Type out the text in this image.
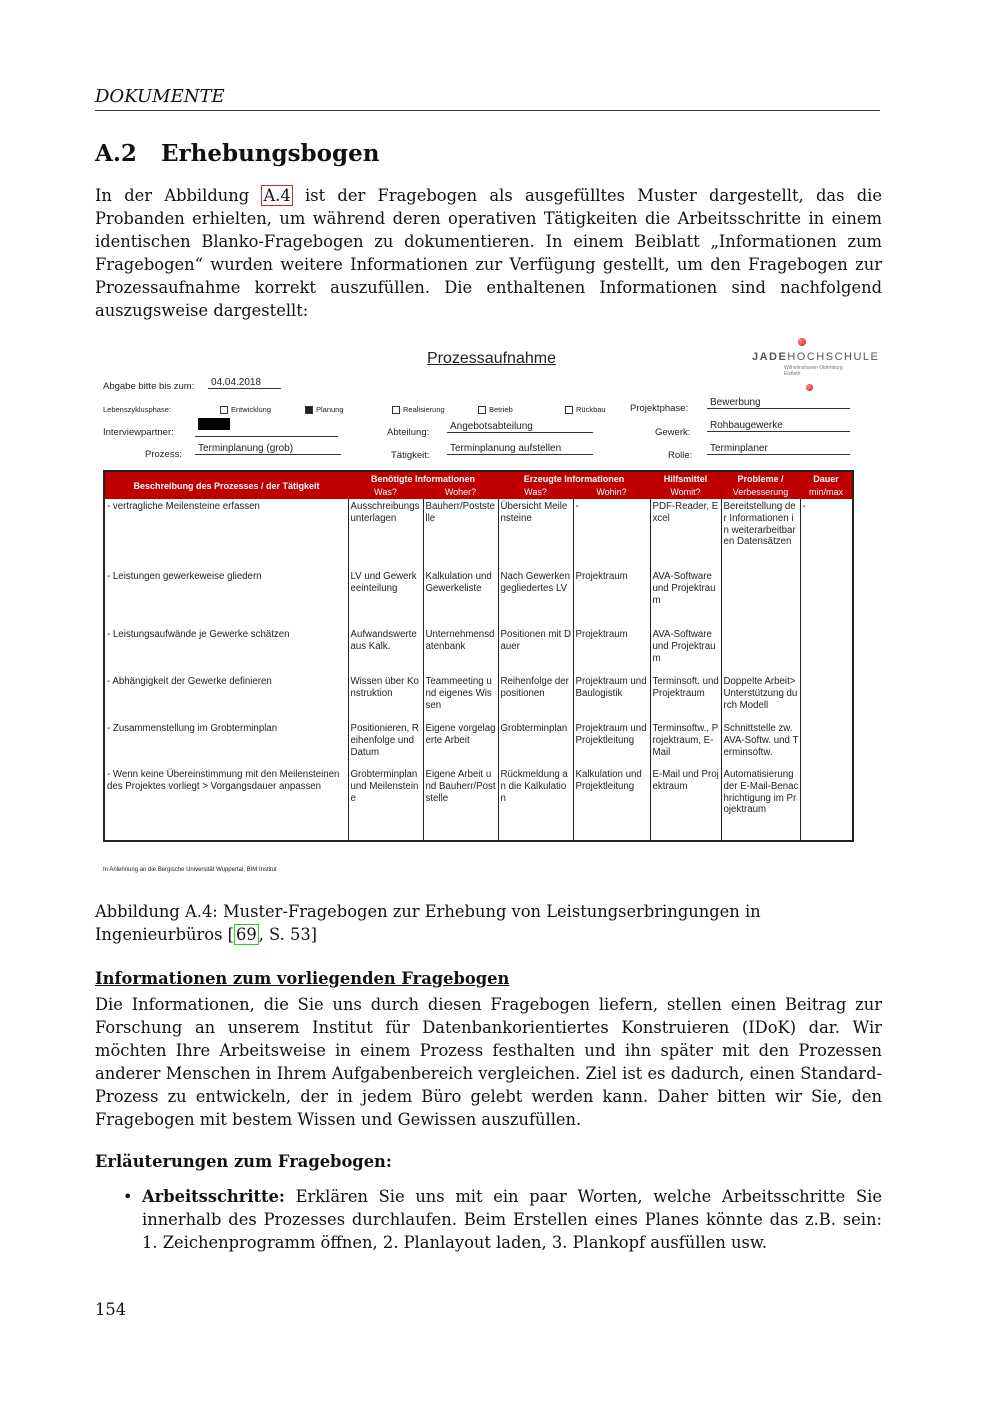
DOKUMENTE
A.2 Erhebungsbogen
In der Abbildung A.4 ist der Fragebogen als ausgefülltes Muster dargestellt, das die Probanden erhielten, um während deren operativen Tätigkeiten die Arbeitsschritte in einem identischen Blanko-Fragebogen zu dokumentieren. In einem Beiblatt „Informationen zum Fragebogen“ wurden weitere Informationen zur Verfügung gestellt, um den Fragebogen zur Prozessaufnahme korrekt auszufüllen. Die enthaltenen Informationen sind nachfolgend auszugsweise dargestellt:
Prozessaufnahme	JADEHOCHSCHULE
Wilhelmshaven Oldenburg Elsfleth
Abgabe bitte bis zum:	04.04.2018
Lebenszyklusphase:	Entwicklung	Planung	Realisierung	Betrieb	Rückbau	Projektphase:
Bewerbung
Interviewpartner:	Abteilung:
Angebotsabteilung
Gewerk:
Rohbaugewerke
Prozess:
Terminplanung (grob)
Tätigkeit:
Terminplanung aufstellen
Rolle:
Terminplaner
Beschreibung des Prozesses / der Tätigkeit	Benötigte Informationen		Erzeugte Informationen		Hilfsmittel	Probleme /	Dauer
	Was?	Woher?	Was?	Wohin?	Womit?	Verbesserung	min/max
- vertragliche Meilensteine erfassen	Ausschreibungsunterlagen	Bauherr/Poststelle	Übersicht Meilensteine	-	PDF-Reader, Excel	Bereitstellung der Informationen in weiterarbeitbaren Datensätzen	-
- Leistungen gewerkeweise gliedern	LV und Gewerkeeinteilung	Kalkulation und Gewerkeliste	Nach Gewerken gegliedertes LV	Projektraum	AVA-Software und Projektraum		
- Leistungsaufwände je Gewerke schätzen	Aufwandswerte aus Kalk.	Unternehmensdatenbank	Positionen mit Dauer	Projektraum	AVA-Software und Projektraum		
- Abhängigkeit der Gewerke definieren	Wissen über Konstruktion	Teammeeting und eigenes Wissen	Reihenfolge der positionen	Projektraum und Baulogistik	Terminsoft. und Projektraum	Doppelte Arbeit> Unterstützung durch Modell	
- Zusammenstellung im Grobterminplan	Positionieren, Reihenfolge und Datum	Eigene vorgelagerte Arbeit	Grobterminplan	Projektraum und Projektleitung	Terminsoftw., Projektraum, E-Mail	Schnittstelle zw. AVA-Softw. und Terminsoftw.	
- Wenn keine Übereinstimmung mit den Meilensteinen des Projektes vorliegt > Vorgangsdauer anpassen	Grobterminplan und Meilensteine	Eigene Arbeit und Bauherr/Poststelle	Rückmeldung an die Kalkulation	Kalkulation und Projektleitung	E-Mail und Projektraum	Automatisierung der E-Mail-Benachrichtigung im Projektraum	
In Anlehnung an die Bergische Universität Wuppertal, BIM Institut
Abbildung A.4: Muster-Fragebogen zur Erhebung von Leistungserbringungen in Ingenieurbüros [ 69 , S. 53]
Informationen zum vorliegenden Fragebogen
Die Informationen, die Sie uns durch diesen Fragebogen liefern, stellen einen Beitrag zur Forschung an unserem Institut für Datenbankorientiertes Konstruieren (IDoK) dar. Wir möchten Ihre Arbeitsweise in einem Prozess festhalten und ihn später mit den Prozessen anderer Menschen in Ihrem Aufgabenbereich vergleichen. Ziel ist es dadurch, einen Standard-Prozess zu entwickeln, der in jedem Büro gelebt werden kann. Daher bitten wir Sie, den Fragebogen mit bestem Wissen und Gewissen auszufüllen.
Erläuterungen zum Fragebogen:
• Arbeitsschritte: Erklären Sie uns mit ein paar Worten, welche Arbeitsschritte Sie innerhalb des Prozesses durchlaufen. Beim Erstellen eines Planes könnte das z.B. sein: 1. Zeichenprogramm öffnen, 2. Planlayout laden, 3. Plankopf ausfüllen usw.
154
